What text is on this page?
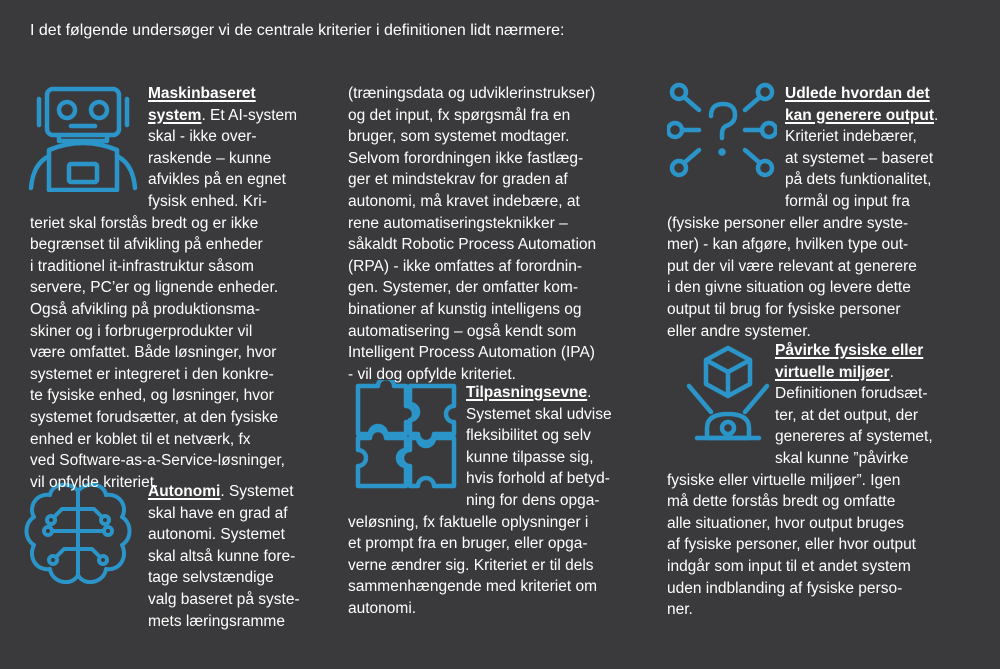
I det følgende undersøger vi de centrale kriterier i definitionen lidt nærmere:
Maskinbaseret
system. Et AI-system
skal - ikke over-
raskende – kunne
afvikles på en egnet
fysisk enhed. Kri-
teriet skal forstås bredt og er ikke
begrænset til afvikling på enheder
i traditionel it-infrastruktur såsom
servere, PC’er og lignende enheder.
Også afvikling på produktionsma-
skiner og i forbrugerprodukter vil
være omfattet. Både løsninger, hvor
systemet er integreret i den konkre-
te fysiske enhed, og løsninger, hvor
systemet forudsætter, at den fysiske
enhed er koblet til et netværk, fx
ved Software-as-a-Service-løsninger,
vil opfylde kriteriet.
Autonomi. Systemet
skal have en grad af
autonomi. Systemet
skal altså kunne fore-
tage selvstændige
valg baseret på syste-
mets læringsramme
(træningsdata og udviklerinstrukser)
og det input, fx spørgsmål fra en
bruger, som systemet modtager.
Selvom forordningen ikke fastlæg-
ger et mindstekrav for graden af
autonomi, må kravet indebære, at
rene automatiseringsteknikker –
såkaldt Robotic Process Automation
(RPA) - ikke omfattes af forordnin-
gen. Systemer, der omfatter kom-
binationer af kunstig intelligens og
automatisering – også kendt som
Intelligent Process Automation (IPA)
- vil dog opfylde kriteriet.
Tilpasningsevne.
Systemet skal udvise
fleksibilitet og selv
kunne tilpasse sig,
hvis forhold af betyd-
ning for dens opga-
veløsning, fx faktuelle oplysninger i
et prompt fra en bruger, eller opga-
verne ændrer sig. Kriteriet er til dels
sammenhængende med kriteriet om
autonomi.
Udlede hvordan det
kan generere output.
Kriteriet indebærer,
at systemet – baseret
på dets funktionalitet,
formål og input fra
(fysiske personer eller andre syste-
mer) - kan afgøre, hvilken type out-
put der vil være relevant at generere
i den givne situation og levere dette
output til brug for fysiske personer
eller andre systemer.
Påvirke fysiske eller
virtuelle miljøer.
Definitionen forudsæt-
ter, at det output, der
genereres af systemet,
skal kunne ”påvirke
fysiske eller virtuelle miljøer”. Igen
må dette forstås bredt og omfatte
alle situationer, hvor output bruges
af fysiske personer, eller hvor output
indgår som input til et andet system
uden indblanding af fysiske perso-
ner.
